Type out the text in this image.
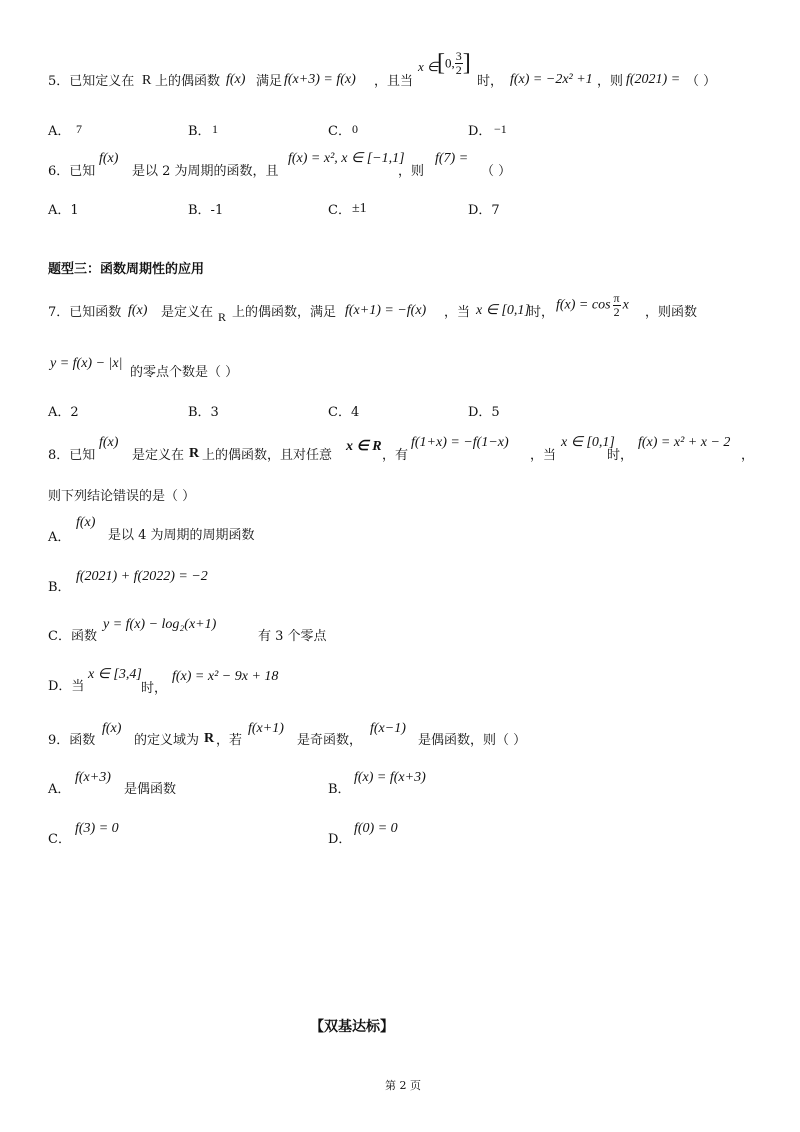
5．已知定义在 R 上的偶函数 f(x) 满足 f(x+3) = f(x) ，且当
x ∈
[0, $\frac{3}{2}$ ]
时， f(x) = −2x² +1 ，则 f(2021) = （ ）
A． 7	B． 1	C． 0	D． −1
6．已知
f(x)
是以 2 为周期的函数，且
f(x) = x², x ∈ [−1,1]
，则
f(7) =
（ ）
A．1	B．-1	C． ±1	D．7
题型三：函数周期性的应用
7．已知函数 f(x) 是定义在 R 上的偶函数，满足 f(x+1) = −f(x) ，当 x ∈ [0,1]
时， $f(x) = \cos \frac{\pi}{2}$ x ，则函数
y = f(x) − |x|
的零点个数是（ ）
A．2	B．3	C．4	D．5
8．已知
f(x)
是定义在 R 上的偶函数，且对任意
x ∈ R
，有
f(1+x) = −f(1−x)
，当
x ∈ [0,1]
时，
f(x) = x² + x − 2
，
则下列结论错误的是（ ）
A．
f(x)
是以 4 为周期的周期函数
f(2021) + f(2022) = −2
B．
C．函数
y = f(x) − log₂(x+1)
有 3 个零点
D．当
x ∈ [3,4]
时，
f(x) = x² − 9x + 18
9．函数
f(x)
的定义域为 R ，若
f(x+1)
是奇函数，
f(x−1)
是偶函数，则（ ）
A．
f(x+3)
是偶函数	B．
f(x) = f(x+3)
C．
f(3) = 0
D．
f(0) = 0
【双基达标】
第 2 页
